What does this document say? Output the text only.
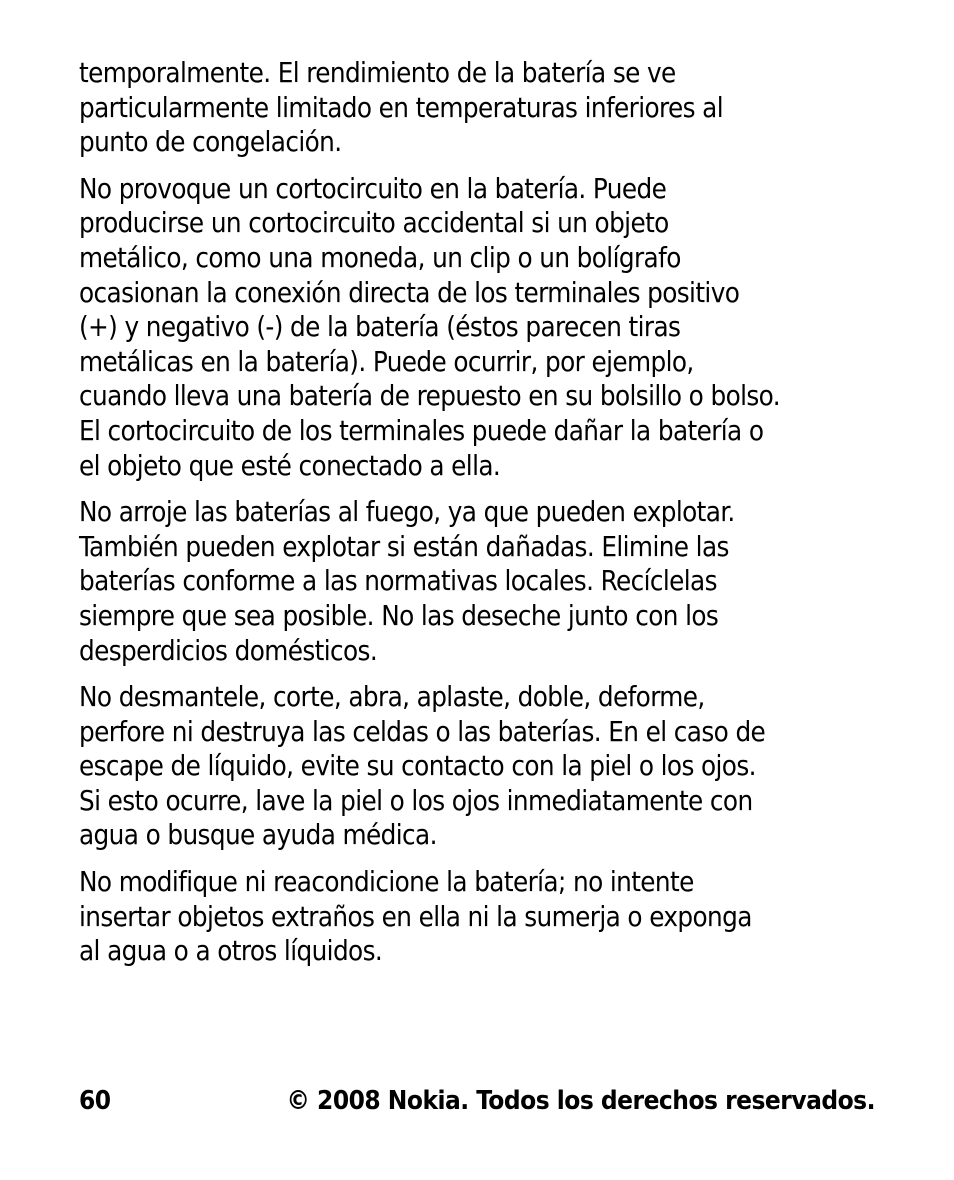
temporalmente. El rendimiento de la batería se ve
particularmente limitado en temperaturas inferiores al
punto de congelación.

No provoque un cortocircuito en la batería. Puede
producirse un cortocircuito accidental si un objeto
metálico, como una moneda, un clip o un bolígrafo
ocasionan la conexión directa de los terminales positivo
(+) y negativo (-) de la batería (éstos parecen tiras
metálicas en la batería). Puede ocurrir, por ejemplo,
cuando lleva una batería de repuesto en su bolsillo o bolso.
El cortocircuito de los terminales puede dañar la batería o
el objeto que esté conectado a ella.

No arroje las baterías al fuego, ya que pueden explotar.
También pueden explotar si están dañadas. Elimine las
baterías conforme a las normativas locales. Recíclelas
siempre que sea posible. No las deseche junto con los
desperdicios domésticos.

No desmantele, corte, abra, aplaste, doble, deforme,
perfore ni destruya las celdas o las baterías. En el caso de
escape de líquido, evite su contacto con la piel o los ojos.
Si esto ocurre, lave la piel o los ojos inmediatamente con
agua o busque ayuda médica.

No modifique ni reacondicione la batería; no intente
insertar objetos extraños en ella ni la sumerja o exponga
al agua o a otros líquidos.

60	© 2008 Nokia. Todos los derechos reservados.
